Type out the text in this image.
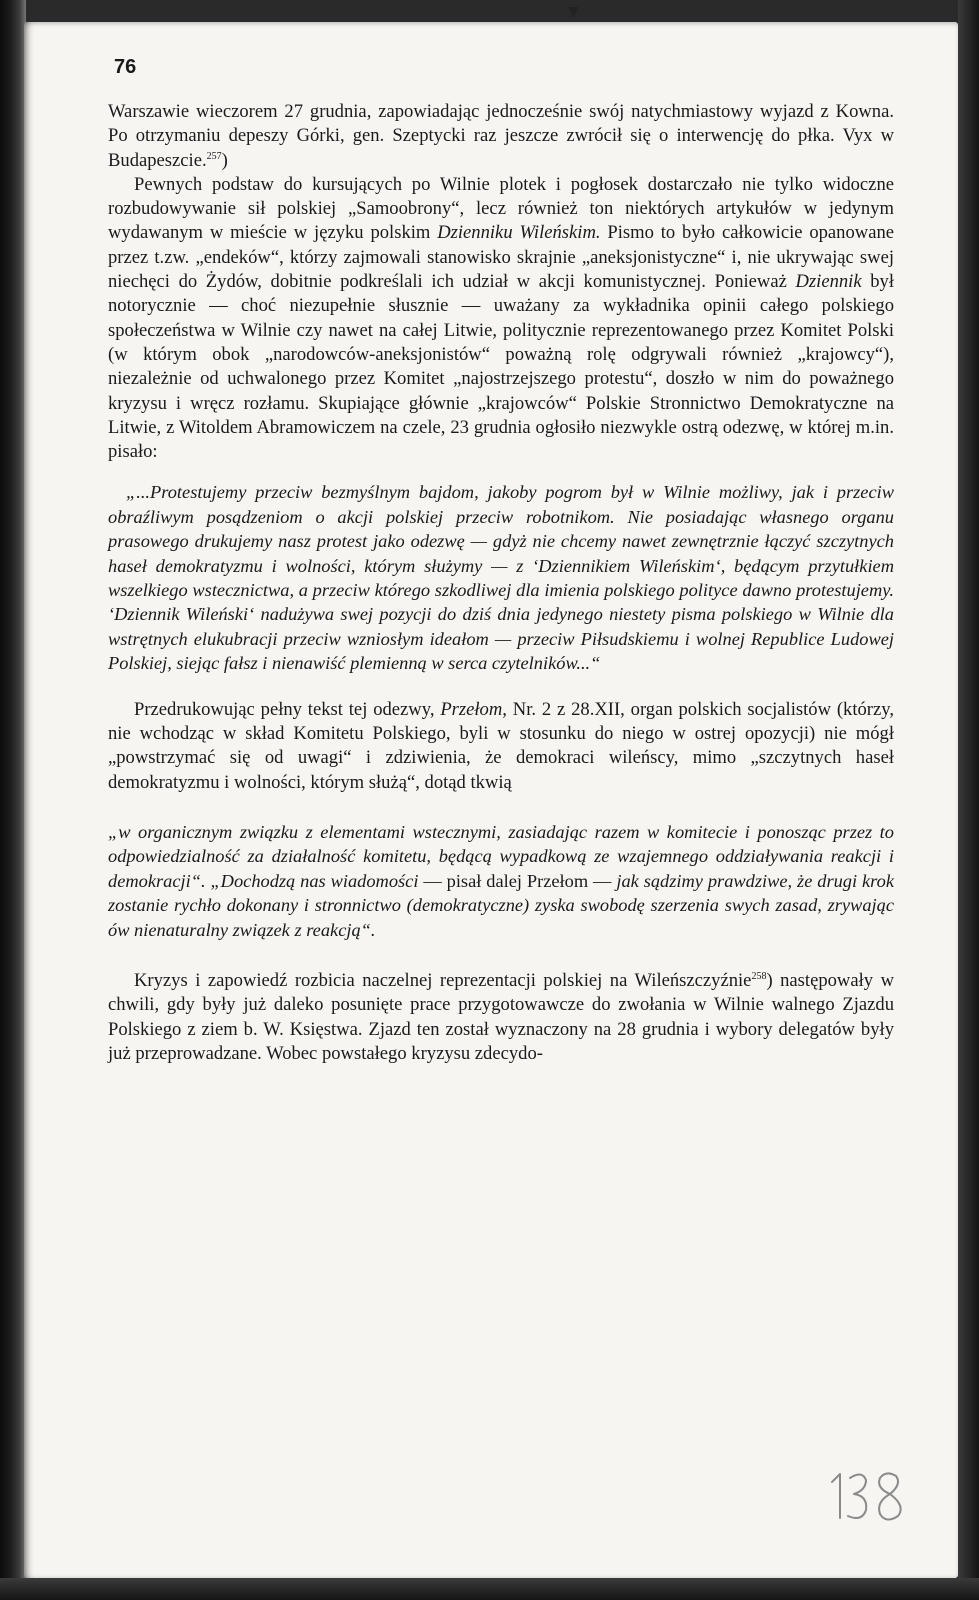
▼
76

Warszawie wieczorem 27 grudnia, zapowiadając jednocześnie swój natychmiastowy wyjazd z Kowna. Po otrzymaniu depeszy Górki, gen. Szeptycki raz jeszcze zwrócił się o interwencję do płka. Vyx w Budapeszcie.$^{257}$)

Pewnych podstaw do kursujących po Wilnie plotek i pogłosek dostarczało nie tylko widoczne rozbudowywanie sił polskiej „Samoobrony“, lecz również ton niektórych artykułów w jedynym wydawanym w mieście w języku polskim Dzienniku Wileńskim. Pismo to było całkowicie opanowane przez t.zw. „endeków“, którzy zajmowali stanowisko skrajnie „aneksjonistyczne“ i, nie ukrywając swej niechęci do Żydów, dobitnie podkreślali ich udział w akcji komunistycznej. Ponieważ Dziennik był notorycznie — choć niezupełnie słusznie — uważany za wykładnika opinii całego polskiego społeczeństwa w Wilnie czy nawet na całej Litwie, politycznie reprezentowanego przez Komitet Polski (w którym obok „narodowców-aneksjonistów“ poważną rolę odgrywali również „krajowcy“), niezależnie od uchwalonego przez Komitet „najostrzejszego protestu“, doszło w nim do poważnego kryzysu i wręcz rozłamu. Skupiające głównie „krajowców“ Polskie Stronnictwo Demokratyczne na Litwie, z Witoldem Abramowiczem na czele, 23 grudnia ogłosiło niezwykle ostrą odezwę, w której m.in. pisało:

„...Protestujemy przeciw bezmyślnym bajdom, jakoby pogrom był w Wilnie możliwy, jak i przeciw obraźliwym posądzeniom o akcji polskiej przeciw robotnikom. Nie posiadając własnego organu prasowego drukujemy nasz protest jako odezwę — gdyż nie chcemy nawet zewnętrznie łączyć szczytnych haseł demokratyzmu i wolności, którym służymy — z ‘Dziennikiem Wileńskim‘, będącym przytułkiem wszelkiego wstecznictwa, a przeciw którego szkodliwej dla imienia polskiego polityce dawno protestujemy. ‘Dziennik Wileński‘ nadużywa swej pozycji do dziś dnia jedynego niestety pisma polskiego w Wilnie dla wstrętnych elukubracji przeciw wzniosłym ideałom — przeciw Piłsudskiemu i wolnej Republice Ludowej Polskiej, siejąc fałsz i nienawiść plemienną w serca czytelników...“

Przedrukowując pełny tekst tej odezwy, Przełom, Nr. 2 z 28.XII, organ polskich socjalistów (którzy, nie wchodząc w skład Komitetu Polskiego, byli w stosunku do niego w ostrej opozycji) nie mógł „powstrzymać się od uwagi“ i zdziwienia, że demokraci wileńscy, mimo „szczytnych haseł demokratyzmu i wolności, którym służą“, dotąd tkwią

„w organicznym związku z elementami wstecznymi, zasiadając razem w komitecie i ponosząc przez to odpowiedzialność za działalność komitetu, będącą wypadkową ze wzajemnego oddziaływania reakcji i demokracji“. „Dochodzą nas wiadomości — pisał dalej Przełom — jak sądzimy prawdziwe, że drugi krok zostanie rychło dokonany i stronnictwo (demokratyczne) zyska swobodę szerzenia swych zasad, zrywając ów nienaturalny związek z reakcją“.

Kryzys i zapowiedź rozbicia naczelnej reprezentacji polskiej na Wileńszczyźnie$^{258}$) następowały w chwili, gdy były już daleko posunięte prace przygotowawcze do zwołania w Wilnie walnego Zjazdu Polskiego z ziem b. W. Księstwa. Zjazd ten został wyznaczony na 28 grudnia i wybory delegatów były już przeprowadzane. Wobec powstałego kryzysu zdecydo-
